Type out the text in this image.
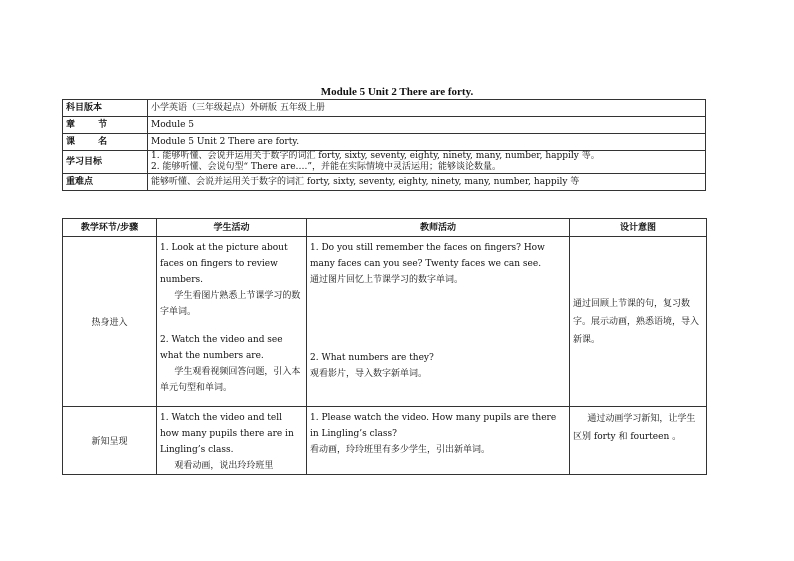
Module 5 Unit 2 There are forty.
科目版本	小学英语（三年级起点）外研版 五年级上册
章 节	Module 5
课 名	Module 5 Unit 2 There are forty.
学习目标	1. 能够听懂、会说并运用关于数字的词汇 forty, sixty, seventy, eighty, ninety, many, number, happily 等。
2. 能够听懂、会说句型“ There are….”，并能在实际情境中灵活运用；能够谈论数量。

重难点	能够听懂、会说并运用关于数字的词汇 forty, sixty, seventy, eighty, ninety, many, number, happily 等
教学环节/步骤	学生活动	教师活动	设计意图
热身进入	1. Look at the picture about faces on fingers to review numbers.
学生看图片熟悉上节课学习的数字单词。
2. Watch the video and see what the numbers are.
学生观看视频回答问题，引入本单元句型和单词。	1. Do you still remember the faces on fingers? How many faces can you see? Twenty faces we can see.
通过图片回忆上节课学习的数字单词。
2. What numbers are they?
观看影片，导入数字新单词。	通过回顾上节课的句，复习数字。展示动画，熟悉语境，导入新课。
新知呈现	1. Watch the video and tell how many pupils there are in Lingling’s class.
观看动画，说出玲玲班里	1. Please watch the video. How many pupils are there in Lingling’s class?
看动画，玲玲班里有多少学生，引出新单词。	通过动画学习新知，让学生区别 forty 和 fourteen 。
